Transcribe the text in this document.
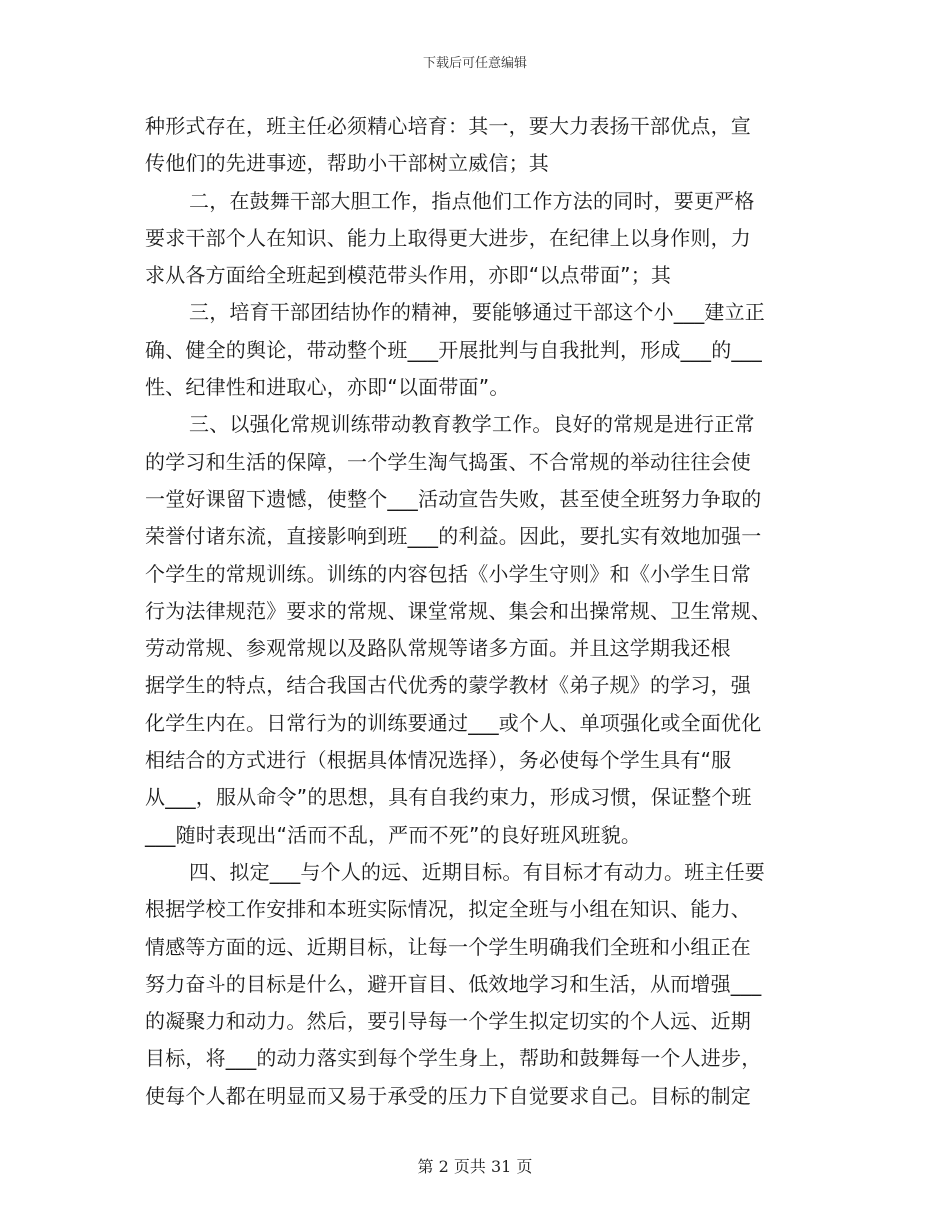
下载后可任意编辑
种形式存在，班主任必须精心培育：其一，要大力表扬干部优点，宣
传他们的先进事迹，帮助小干部树立威信；其
二，在鼓舞干部大胆工作，指点他们工作方法的同时，要更严格
要求干部个人在知识、能力上取得更大进步，在纪律上以身作则，力
求从各方面给全班起到模范带头作用，亦即“以点带面”；其
三，培育干部团结协作的精神，要能够通过干部这个小___建立正
确、健全的舆论，带动整个班___开展批判与自我批判，形成___的___
性、纪律性和进取心，亦即“以面带面”。
三、以强化常规训练带动教育教学工作。良好的常规是进行正常
的学习和生活的保障，一个学生淘气捣蛋、不合常规的举动往往会使
一堂好课留下遗憾，使整个___活动宣告失败，甚至使全班努力争取的
荣誉付诸东流，直接影响到班___的利益。因此，要扎实有效地加强一
个学生的常规训练。训练的内容包括《小学生守则》和《小学生日常
行为法律规范》要求的常规、课堂常规、集会和出操常规、卫生常规、
劳动常规、参观常规以及路队常规等诸多方面。并且这学期我还根
据学生的特点，结合我国古代优秀的蒙学教材《弟子规》的学习，强
化学生内在。日常行为的训练要通过___或个人、单项强化或全面优化
相结合的方式进行（根据具体情况选择），务必使每个学生具有“服
从___，服从命令”的思想，具有自我约束力，形成习惯，保证整个班
___随时表现出“活而不乱，严而不死”的良好班风班貌。
四、拟定___与个人的远、近期目标。有目标才有动力。班主任要
根据学校工作安排和本班实际情况，拟定全班与小组在知识、能力、
情感等方面的远、近期目标，让每一个学生明确我们全班和小组正在
努力奋斗的目标是什么，避开盲目、低效地学习和生活，从而增强___
的凝聚力和动力。然后，要引导每一个学生拟定切实的个人远、近期
目标，将___的动力落实到每个学生身上，帮助和鼓舞每一个人进步，
使每个人都在明显而又易于承受的压力下自觉要求自己。目标的制定
第 2 页共 31 页
